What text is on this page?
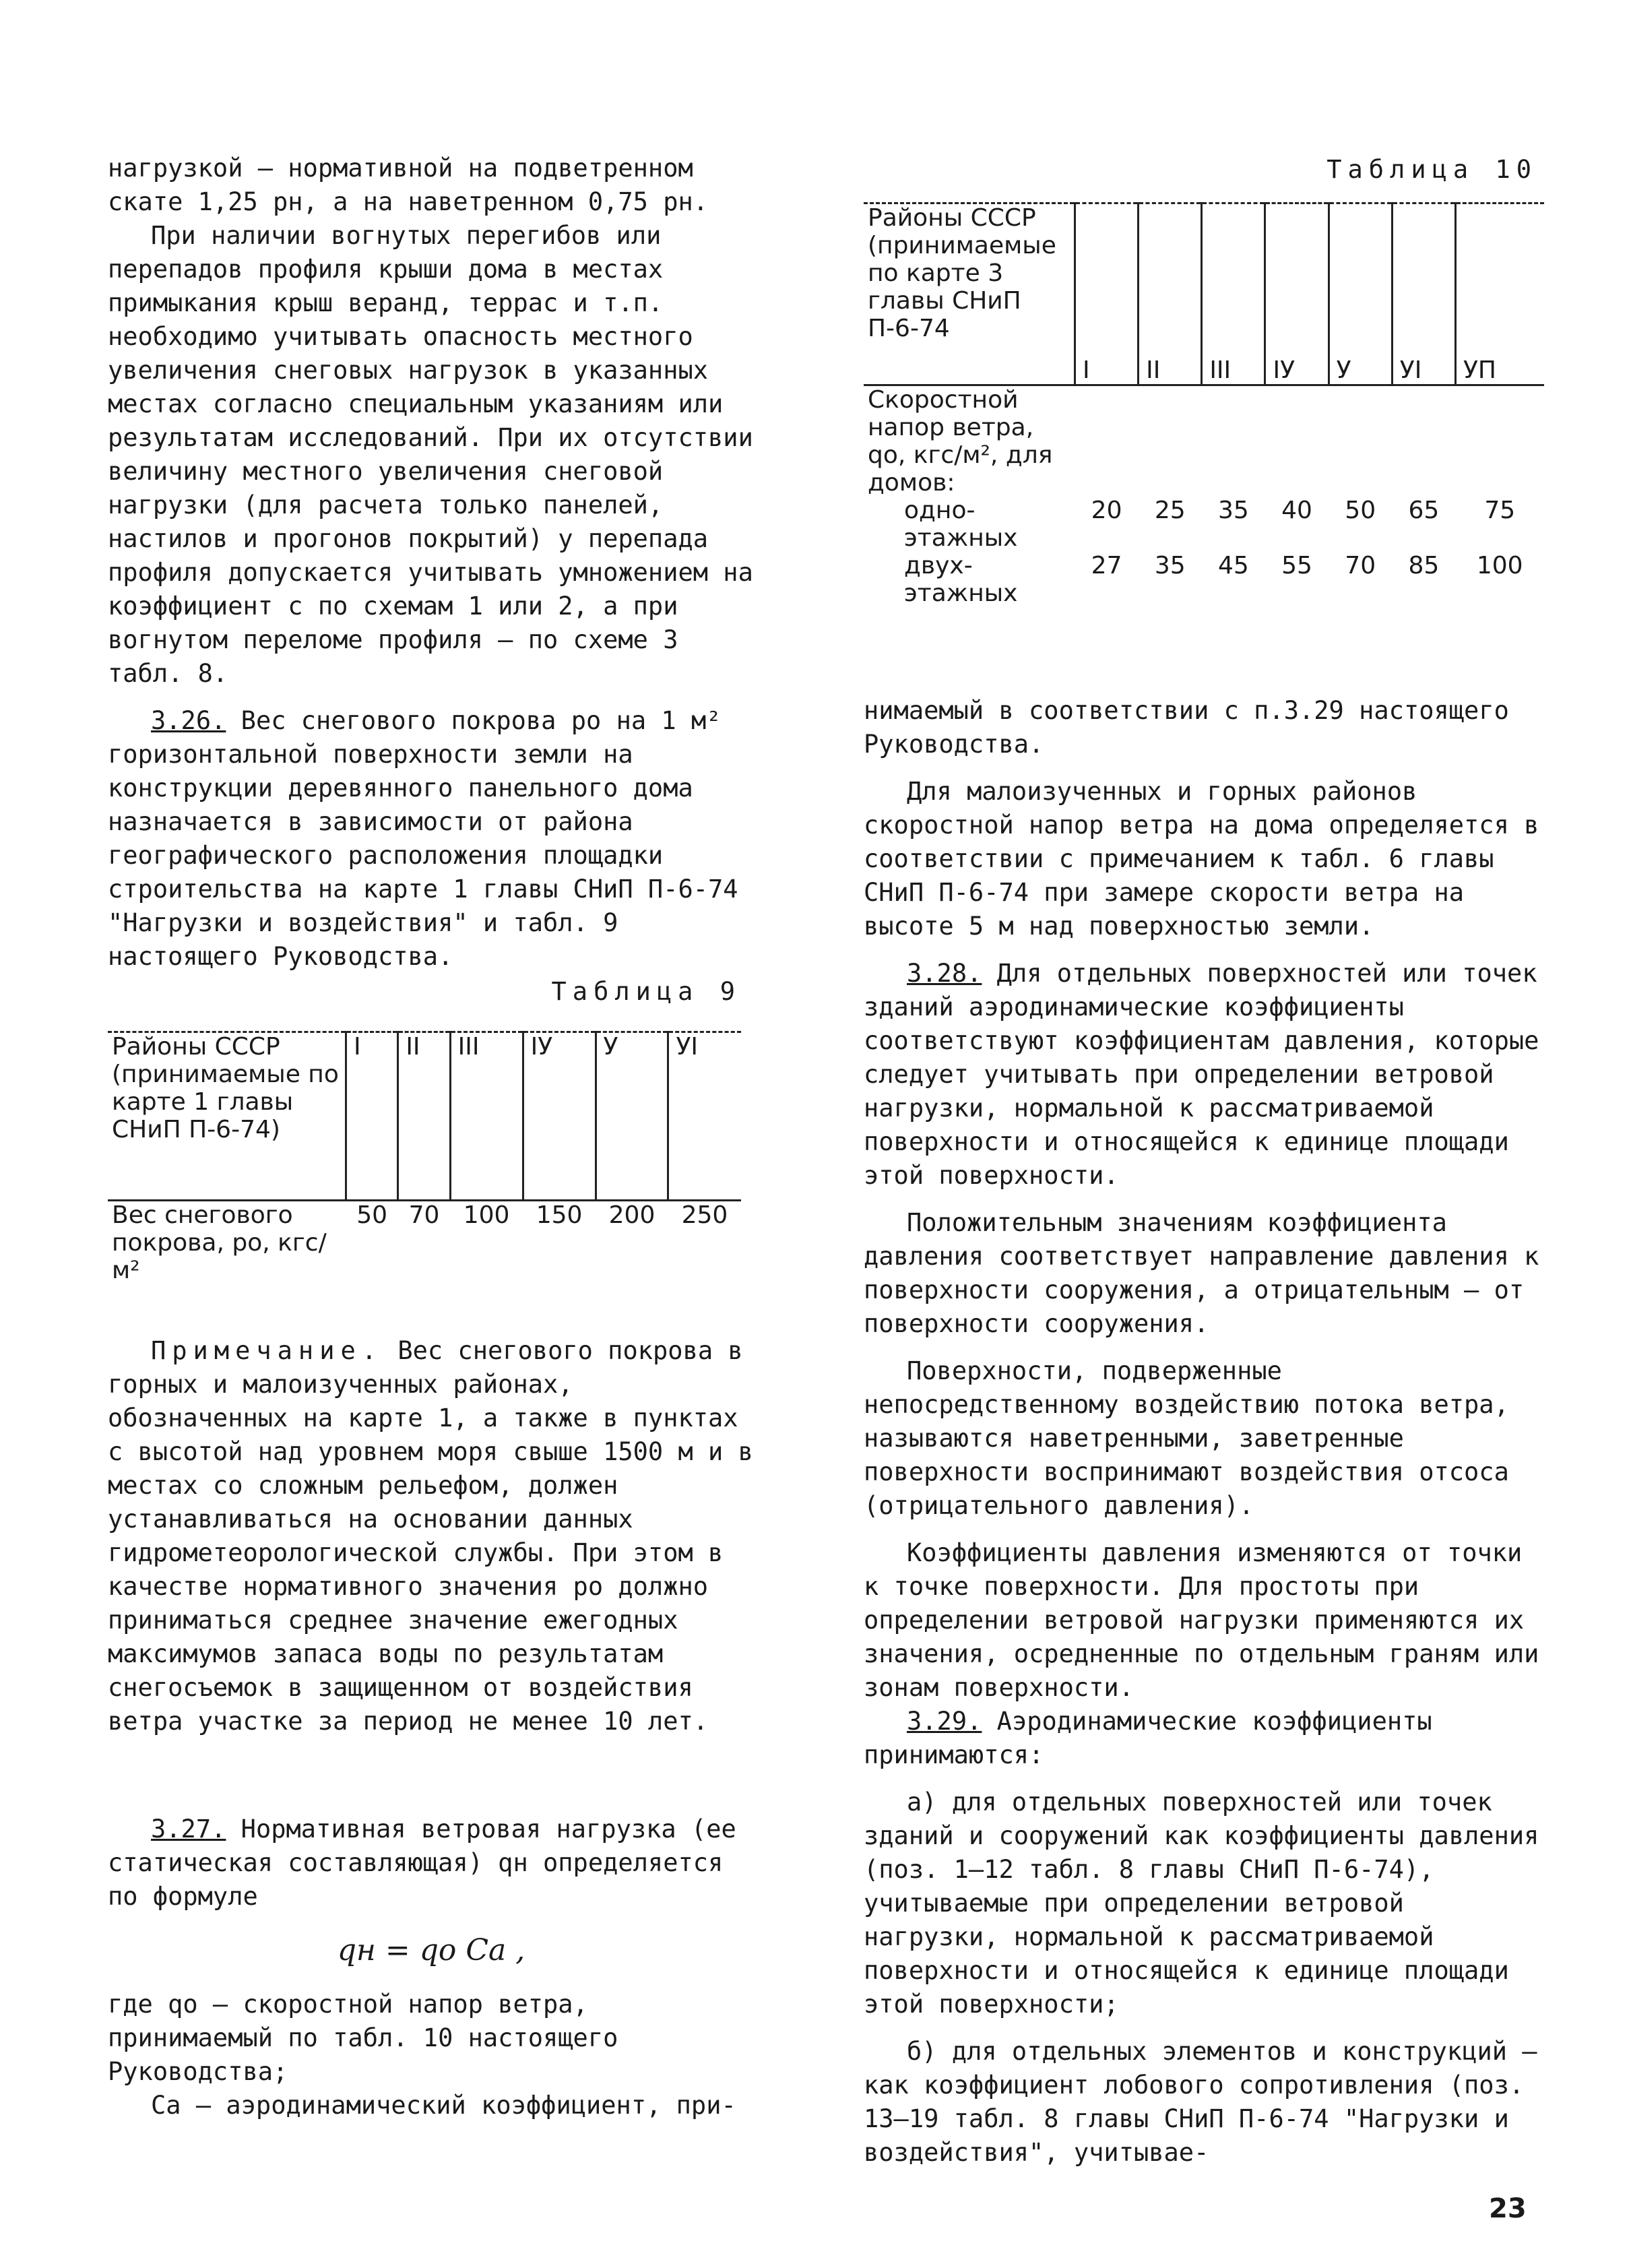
нагрузкой – нормативной на подветренном скате 1,25 pн, а на наветренном 0,75 pн.

При наличии вогнутых перегибов или перепадов профиля крыши дома в местах примыкания крыш веранд, террас и т.п. необходимо учитывать опасность местного увеличения снеговых нагрузок в указанных местах согласно специальным указаниям или результатам исследований. При их отсутствии величину местного увеличения снеговой нагрузки (для расчета только панелей, настилов и прогонов покрытий) у перепада профиля допускается учитывать умножением на коэффициент c по схемам 1 или 2, а при вогнутом переломе профиля – по схеме 3 табл. 8.

3.26. Вес снегового покрова pо на 1 м² горизонтальной поверхности земли на конструкции деревянного панельного дома назначается в зависимости от района географического расположения площадки строительства на карте 1 главы СНиП П-6-74 "Нагрузки и воздействия" и табл. 9 настоящего Руководства.

Таблица 9
Районы СССР (принимаемые по карте 1 главы СНиП П-6-74)	I	II	III	IУ	У	УI
Вес снегового покрова, pо, кгс/м²	50	70	100	150	200	250

Примечание. Вес снегового покрова в горных и малоизученных районах, обозначенных на карте 1, а также в пунктах с высотой над уровнем моря свыше 1500 м и в местах со сложным рельефом, должен устанавливаться на основании данных гидрометеорологической службы. При этом в качестве нормативного значения pо должно приниматься среднее значение ежегодных максимумов запаса воды по результатам снегосъемок в защищенном от воздействия ветра участке за период не менее 10 лет.

3.27. Нормативная ветровая нагрузка (ее статическая составляющая) qн определяется по формуле

qн = qо Cа ,

где qо – скоростной напор ветра, принимаемый по табл. 10 настоящего Руководства;

Cа – аэродинамический коэффициент, при-

Таблица 10
Районы СССР (принимаемые по карте 3 главы СНиП П-6-74	I	II	III	IУ	У	УI	УП

Скоростной напор ветра, qо, кгс/м², для домов:							

одно-этажных	20	25	35	40	50	65	75
двух-этажных	27	35	45	55	70	85	100

нимаемый в соответствии с п.3.29 настоящего Руководства.

Для малоизученных и горных районов скоростной напор ветра на дома определяется в соответствии с примечанием к табл. 6 главы СНиП П-6-74 при замере скорости ветра на высоте 5 м над поверхностью земли.

3.28. Для отдельных поверхностей или точек зданий аэродинамические коэффициенты соответствуют коэффициентам давления, которые следует учитывать при определении ветровой нагрузки, нормальной к рассматриваемой поверхности и относящейся к единице площади этой поверхности.

Положительным значениям коэффициента давления соответствует направление давления к поверхности сооружения, а отрицательным – от поверхности сооружения.

Поверхности, подверженные непосредственному воздействию потока ветра, называются наветренными, заветренные поверхности воспринимают воздействия отсоса (отрицательного давления).

Коэффициенты давления изменяются от точки к точке поверхности. Для простоты при определении ветровой нагрузки применяются их значения, осредненные по отдельным граням или зонам поверхности.

3.29. Аэродинамические коэффициенты принимаются:

а) для отдельных поверхностей или точек зданий и сооружений как коэффициенты давления (поз. 1–12 табл. 8 главы СНиП П-6-74), учитываемые при определении ветровой нагрузки, нормальной к рассматриваемой поверхности и относящейся к единице площади этой поверхности;

б) для отдельных элементов и конструкций – как коэффициент лобового сопротивления (поз. 13–19 табл. 8 главы СНиП П-6-74 "Нагрузки и воздействия", учитывае-

23
